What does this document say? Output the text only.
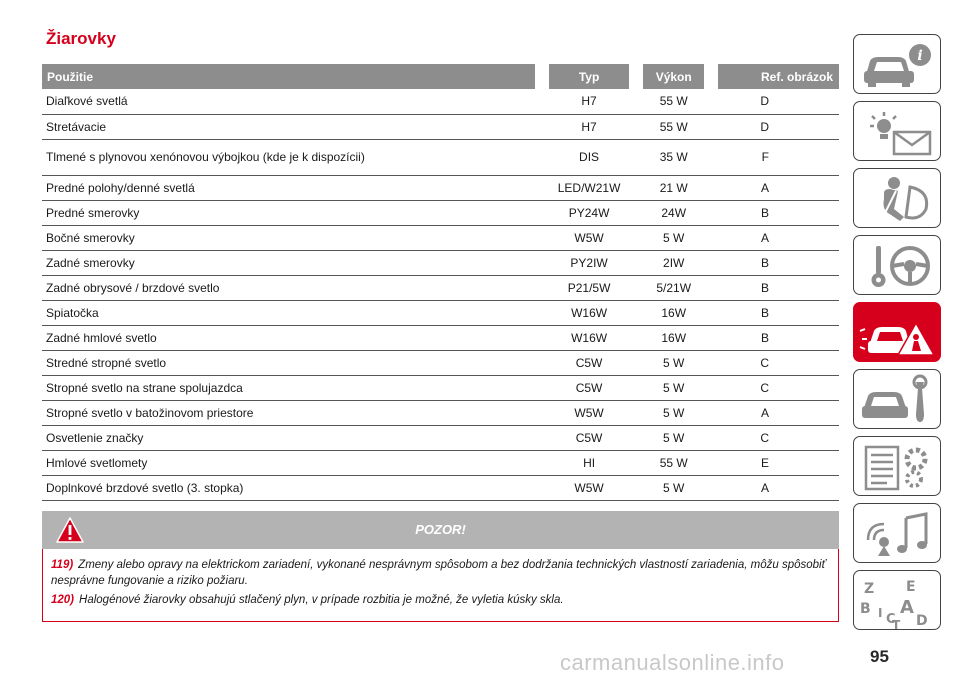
Žiarovky
Použitie	Typ	Výkon	Ref. obrázok
Diaľkové svetlá	H7	55 W	D
Stretávacie	H7	55 W	D
Tlmené s plynovou xenónovou výbojkou (kde je k dispozícii)	DIS	35 W	F
Predné polohy/denné svetlá	LED/W21W	21 W	A
Predné smerovky	PY24W	24W	B
Bočné smerovky	W5W	5 W	A
Zadné smerovky	PY2IW	2IW	B
Zadné obrysové / brzdové svetlo	P21/5W	5/21W	B
Spiatočka	W16W	16W	B
Zadné hmlové svetlo	W16W	16W	B
Stredné stropné svetlo	C5W	5 W	C
Stropné svetlo na strane spolujazdca	C5W	5 W	C
Stropné svetlo v batožinovom priestore	W5W	5 W	A
Osvetlenie značky	C5W	5 W	C
Hmlové svetlomety	HI	55 W	E
Doplnkové brzdové svetlo (3. stopka)	W5W	5 W	A
POZOR!

119) Zmeny alebo opravy na elektrickom zariadení, vykonané nesprávnym spôsobom a bez dodržania technických vlastností zariadenia, môžu spôsobiť nesprávne fungovanie a riziko požiaru.

120) Halogénové žiarovky obsahujú stlačený plyn, v prípade rozbitia je možné, že vyletia kúsky skla.

i
Z E
B A
I C
T D
carmanualsonline.info	95
